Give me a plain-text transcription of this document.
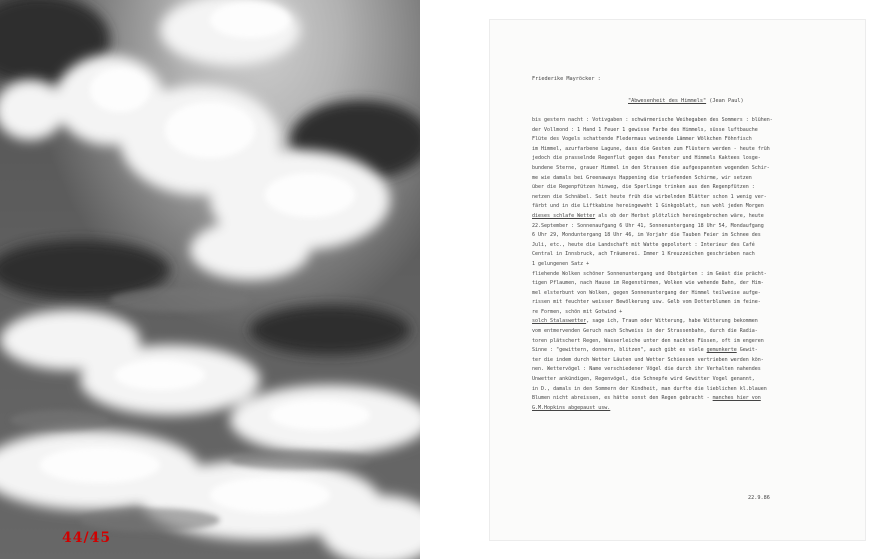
44/45
Friederike Mayröcker :
"Abwesenheit des Himmels" (Jean Paul)
bis gestern nacht : Votivgaben : schwärmerische Weihegaben des Sommers : blühen-
der Vollmond : 1 Hand 1 Feuer 1 gewisse Farbe des Himmels, süsse luftbauche
Flüte des Vogels schattende Fledermaus weinende Lämmer Wölkchen Föhnfisch
im Himmel, azurfarbene Lagune, dass die Gesten zum Flüstern werden - heute früh
jedoch die prasselnde Regenflut gegen das Fenster und Himmels Kaktees losge-
bundene Sterne, grauer Himmel in den Strassen die aufgespannten wogenden Schir-
me wie damals bei Greenaways Happening die triefenden Schirme, wir setzen
über die Regenpfützen hinweg, die Sperlinge trinken aus den Regenpfützen :
netzen die Schnäbel. Seit heute früh die wirbelnden Blätter schon 1 wenig ver-
färbt und in die Liftkabine hereingeweht 1 Ginkgoblatt, nun wohl jeden Morgen
dieses schlafe Wetter als ob der Herbst plötzlich hereingebrochen wäre, heute
22.September : Sonnenaufgang 6 Uhr 41, Sonnenuntergang 18 Uhr 54, Mondaufgang
6 Uhr 29, Monduntergang 18 Uhr 46, im Vorjahr die Tauben Feier im Schnee des
Juli, etc., heute die Landschaft mit Watte gepolstert : Interieur des Café
Central in Innsbruck, ach Träumerei. Immer 1 Kreuzzeichen geschrieben nach
1 gelungenen Satz +
fliehende Wolken schöner Sonnenuntergang und Obstgärten : im Geäst die prächt-
tigen Pflaumen, nach Hause im Regenstürmen, Wolken wie wehende Bahn, der Him-
mel elsterbunt von Wolken, gegen Sonnenuntergang der Himmel teilweise aufge-
rissen mit feuchter weisser Bewölkerung usw. Gelb vom Dotterblumen im feine-
re Formen, schön mit Gotwind +
solch Stalaswetter, sage ich, Traum oder Witterung, habe Witterung bekommen
vom entmervenden Geruch nach Schweiss in der Strassenbahn, durch die Radia-
toren plätschert Regen, Wasserleiche unter den nackten Füssen, oft im engeren
Sinne : "gewittern, donnern, blitzen", auch gibt es viele gemunkerte Gewit-
ter die indem durch Wetter Läuten und Wetter Schiessen vertrieben werden kön-
nen. Wettervögel : Name verschiedener Vögel die durch ihr Verhalten nahendes
Unwetter ankündigen, Regenvögel, die Schnepfe wird Gewitter Vogel genannt,
in D., damals in den Sommern der Kindheit, man durfte die lieblichen kl.blauen
Blumen nicht abreissen, es hätte sonst den Regen gebracht - manches hier von
G.M.Hopkins abgepaust usw.
22.9.86
